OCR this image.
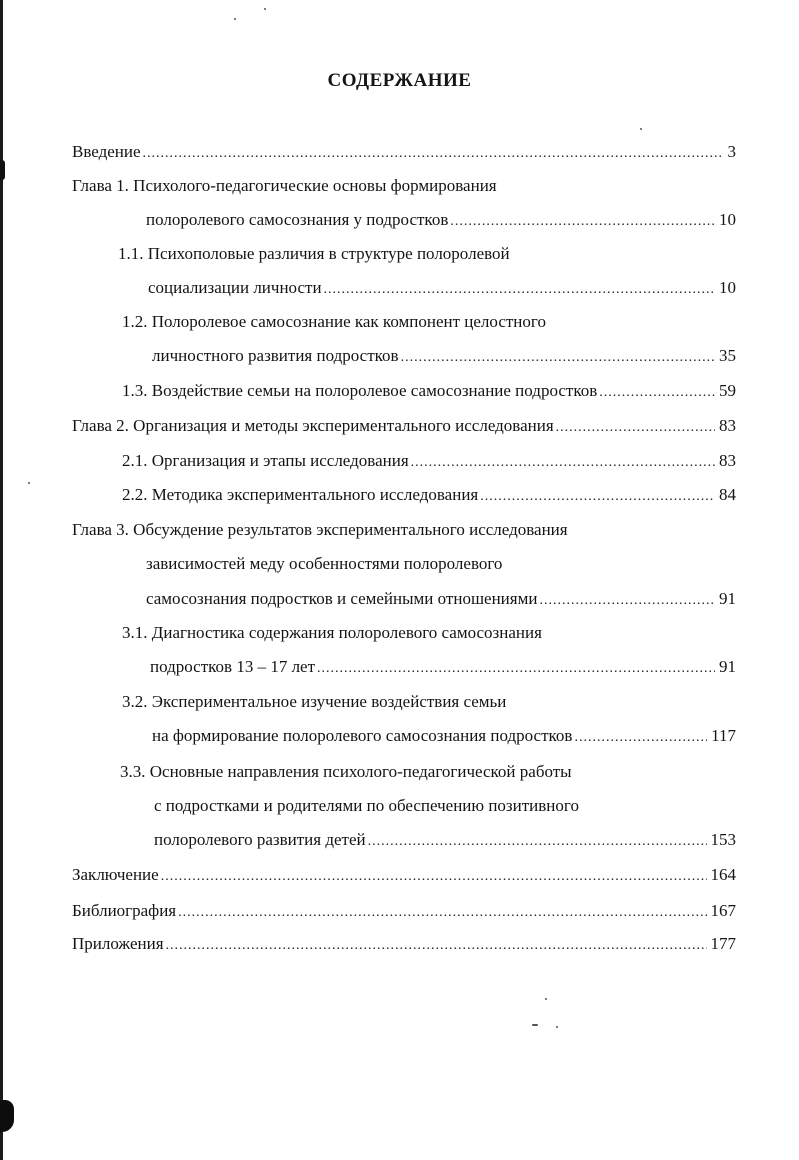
СОДЕРЖАНИЕ
Введение .....	3
Глава 1. Психолого-педагогические основы формирования
полоролевого самосознания у подростков .....	10
1.1. Психополовые различия в структуре полоролевой
социализации личности .....	10
1.2. Полоролевое самосознание как компонент целостного
личностного развития подростков .....	35
1.3. Воздействие семьи на полоролевое самосознание подростков .....	59
Глава 2. Организация и методы экспериментального исследования .....	83
2.1. Организация и этапы исследования .....	83
2.2. Методика экспериментального исследования .....	84
Глава 3. Обсуждение результатов экспериментального исследования
зависимостей меду особенностями полоролевого
самосознания подростков и семейными отношениями .....	91
3.1. Диагностика содержания полоролевого самосознания
подростков 13 – 17 лет .....	91
3.2. Экспериментальное изучение воздействия семьи
на формирование полоролевого самосознания подростков .....	117
3.3. Основные направления психолого-педагогической работы
с подростками и родителями по обеспечению позитивного
полоролевого развития детей .....	153
Заключение .....	164
Библиография .....	167
Приложения .....	177
